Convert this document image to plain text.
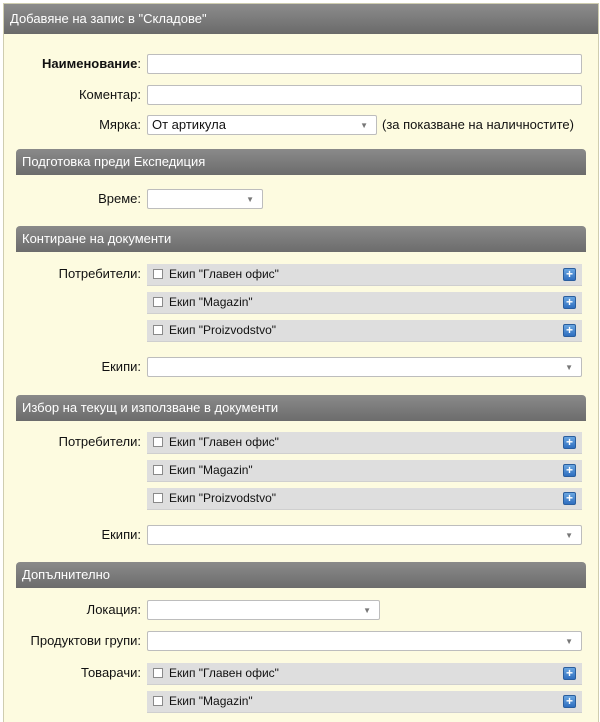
Добавяне на запис в "Складове"
Наименование:
Коментар:
Мярка: От артикула	▼ (за показване на наличностите)
Подготовка преди Експедиция
Време:	▼
Контиране на документи
Потребители: Екип "Главен офис"	+
Екип "Magazin"	+
Екип "Proizvodstvo"	+
Екипи:	▼
Избор на текущ и използване в документи
Потребители: Екип "Главен офис"	+
Екип "Magazin"	+
Екип "Proizvodstvo"	+
Екипи:	▼
Допълнително
Локация:	▼
Продуктови групи:	▼
Товарачи: Екип "Главен офис"	+
Екип "Magazin"	+
